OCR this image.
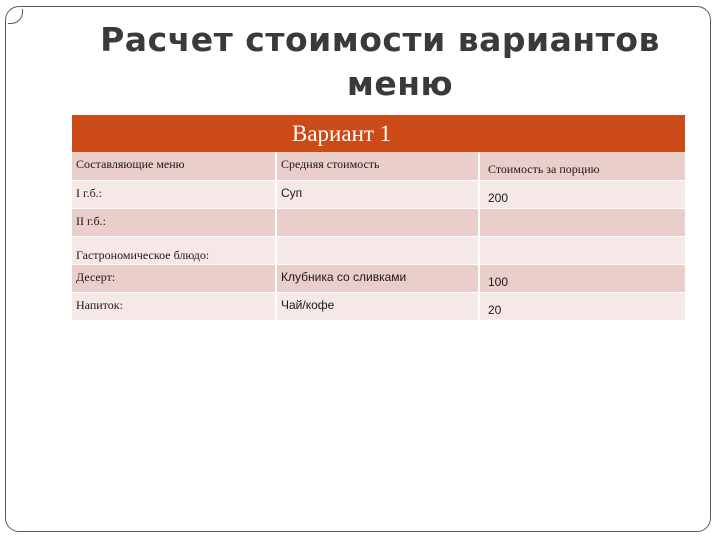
Расчет стоимости вариантов
меню
Вариант 1
Составляющие меню	Средняя стоимость	Стоимость за порцию
I г.б.:	Суп	200
II г.б.:		
Гастрономическое блюдо:		
Десерт:	Клубника со сливками	100
Напиток:	Чай/кофе	20
